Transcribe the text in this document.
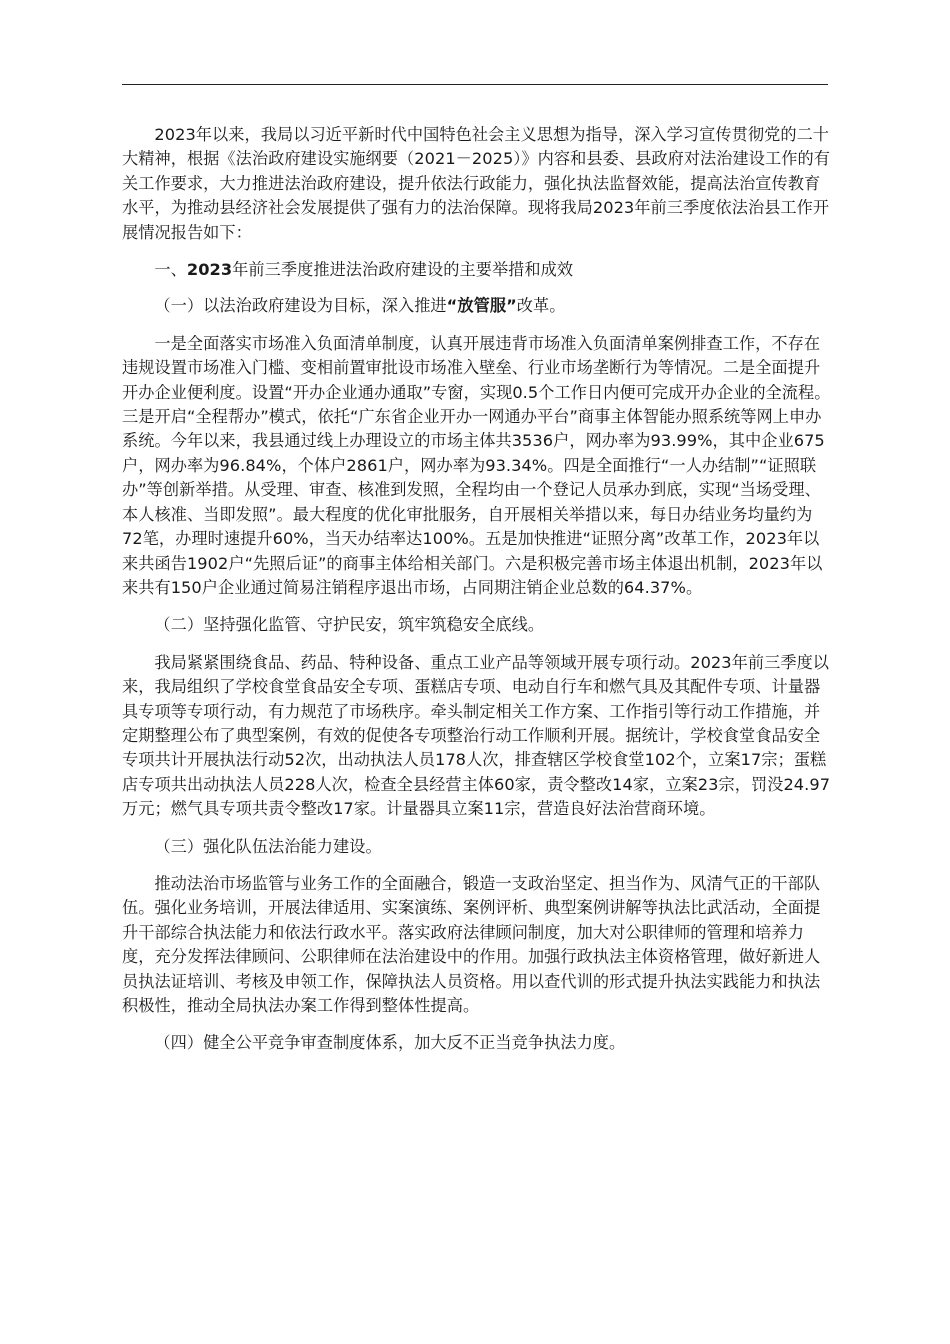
2023年以来，我局以习近平新时代中国特色社会主义思想为指导，深入学习宣传贯彻党的二十大精神，根据《法治政府建设实施纲要（2021－2025）》内容和县委、县政府对法治建设工作的有关工作要求，大力推进法治政府建设，提升依法行政能力，强化执法监督效能，提高法治宣传教育水平，为推动县经济社会发展提供了强有力的法治保障。现将我局2023年前三季度依法治县工作开展情况报告如下：

一、2023年前三季度推进法治政府建设的主要举措和成效

（一）以法治政府建设为目标，深入推进“放管服”改革。

一是全面落实市场准入负面清单制度，认真开展违背市场准入负面清单案例排查工作，不存在违规设置市场准入门槛、变相前置审批设市场准入壁垒、行业市场垄断行为等情况。二是全面提升开办企业便利度。设置“开办企业通办通取”专窗，实现0.5个工作日内便可完成开办企业的全流程。三是开启“全程帮办”模式，依托“广东省企业开办一网通办平台”商事主体智能办照系统等网上申办系统。今年以来，我县通过线上办理设立的市场主体共3536户，网办率为93.99%，其中企业675户，网办率为96.84%，个体户2861户，网办率为93.34%。四是全面推行“一人办结制”“证照联办”等创新举措。从受理、审查、核准到发照，全程均由一个登记人员承办到底，实现“当场受理、本人核准、当即发照”。最大程度的优化审批服务，自开展相关举措以来，每日办结业务均量约为72笔，办理时速提升60%，当天办结率达100%。五是加快推进“证照分离”改革工作，2023年以来共函告1902户“先照后证”的商事主体给相关部门。六是积极完善市场主体退出机制，2023年以来共有150户企业通过简易注销程序退出市场，占同期注销企业总数的64.37%。

（二）坚持强化监管、守护民安，筑牢筑稳安全底线。

我局紧紧围绕食品、药品、特种设备、重点工业产品等领域开展专项行动。2023年前三季度以来，我局组织了学校食堂食品安全专项、蛋糕店专项、电动自行车和燃气具及其配件专项、计量器具专项等专项行动，有力规范了市场秩序。牵头制定相关工作方案、工作指引等行动工作措施，并定期整理公布了典型案例，有效的促使各专项整治行动工作顺利开展。据统计，学校食堂食品安全专项共计开展执法行动52次，出动执法人员178人次，排查辖区学校食堂102个，立案17宗；蛋糕店专项共出动执法人员228人次，检查全县经营主体60家，责令整改14家，立案23宗，罚没24.97万元；燃气具专项共责令整改17家。计量器具立案11宗，营造良好法治营商环境。

（三）强化队伍法治能力建设。

推动法治市场监管与业务工作的全面融合，锻造一支政治坚定、担当作为、风清气正的干部队伍。强化业务培训，开展法律适用、实案演练、案例评析、典型案例讲解等执法比武活动，全面提升干部综合执法能力和依法行政水平。落实政府法律顾问制度，加大对公职律师的管理和培养力度，充分发挥法律顾问、公职律师在法治建设中的作用。加强行政执法主体资格管理，做好新进人员执法证培训、考核及申领工作，保障执法人员资格。用以查代训的形式提升执法实践能力和执法积极性，推动全局执法办案工作得到整体性提高。

（四）健全公平竞争审查制度体系，加大反不正当竞争执法力度。
